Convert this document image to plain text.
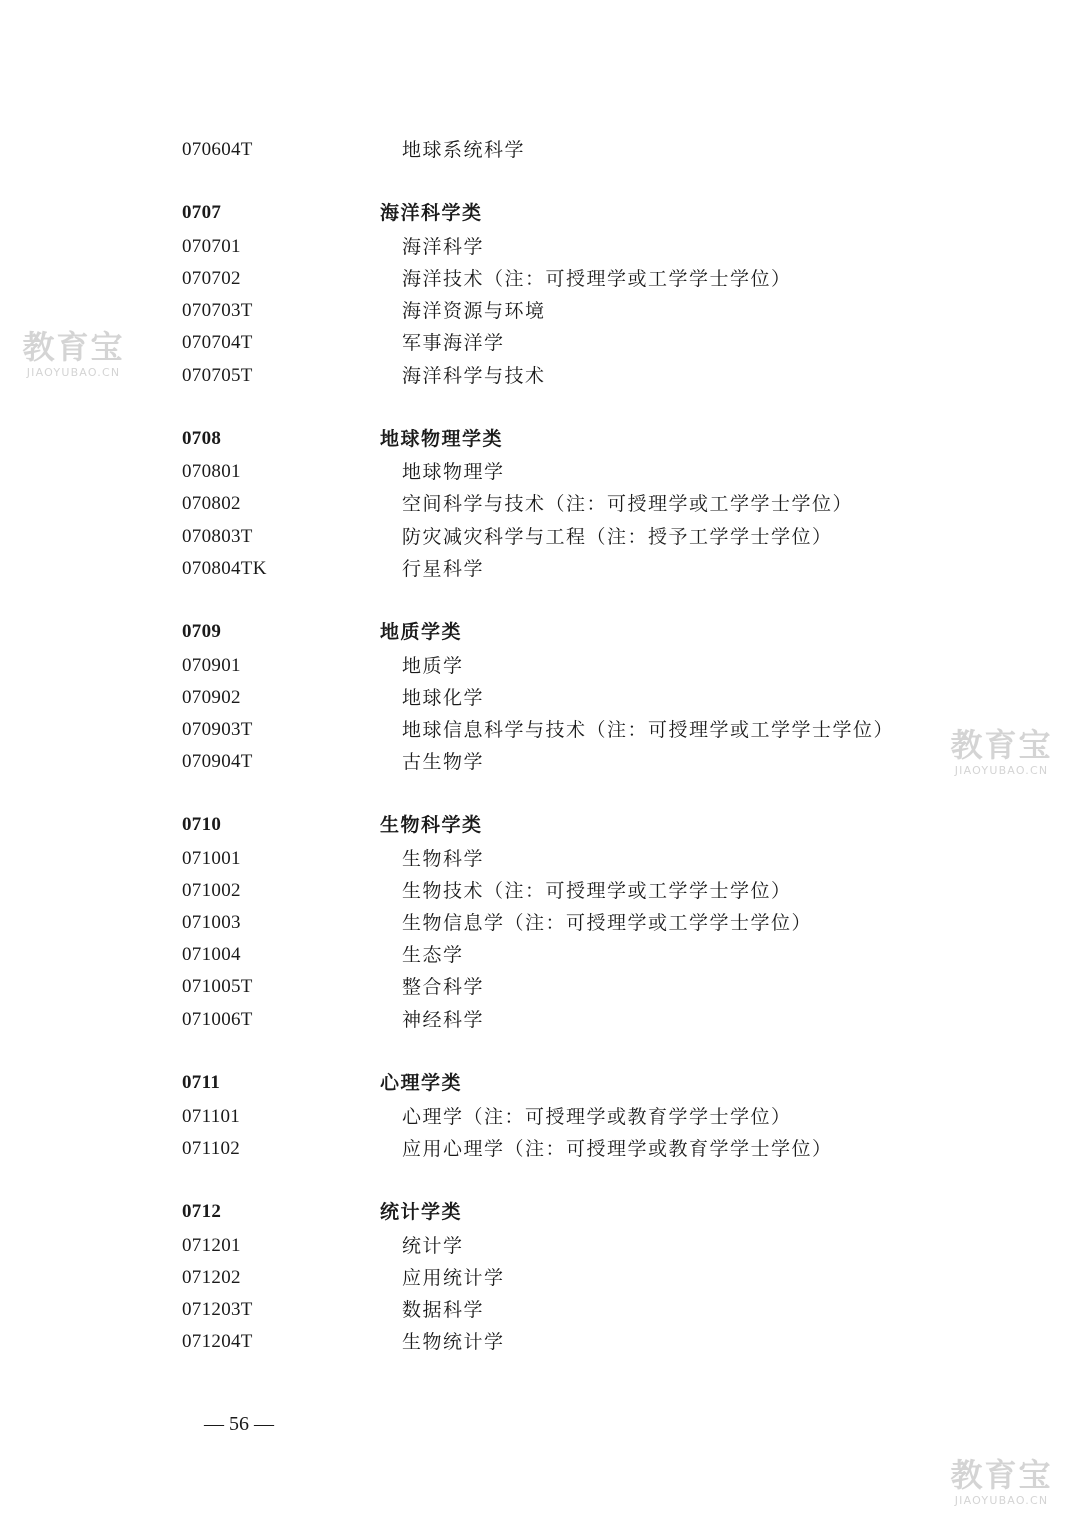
070604T	地球系统科学
0707	海洋科学类
070701	海洋科学
070702	海洋技术（注：可授理学或工学学士学位）
070703T	海洋资源与环境
070704T	军事海洋学
070705T	海洋科学与技术
0708	地球物理学类
070801	地球物理学
070802	空间科学与技术（注：可授理学或工学学士学位）
070803T	防灾减灾科学与工程（注：授予工学学士学位）
070804TK	行星科学
0709	地质学类
070901	地质学
070902	地球化学
070903T	地球信息科学与技术（注：可授理学或工学学士学位）
070904T	古生物学
0710	生物科学类
071001	生物科学
071002	生物技术（注：可授理学或工学学士学位）
071003	生物信息学（注：可授理学或工学学士学位）
071004	生态学
071005T	整合科学
071006T	神经科学
0711	心理学类
071101	心理学（注：可授理学或教育学学士学位）
071102	应用心理学（注：可授理学或教育学学士学位）
0712	统计学类
071201	统计学
071202	应用统计学
071203T	数据科学
071204T	生物统计学
— 56 —
教育宝
JIAOYUBAO.CN
教育宝
JIAOYUBAO.CN
教育宝
JIAOYUBAO.CN
